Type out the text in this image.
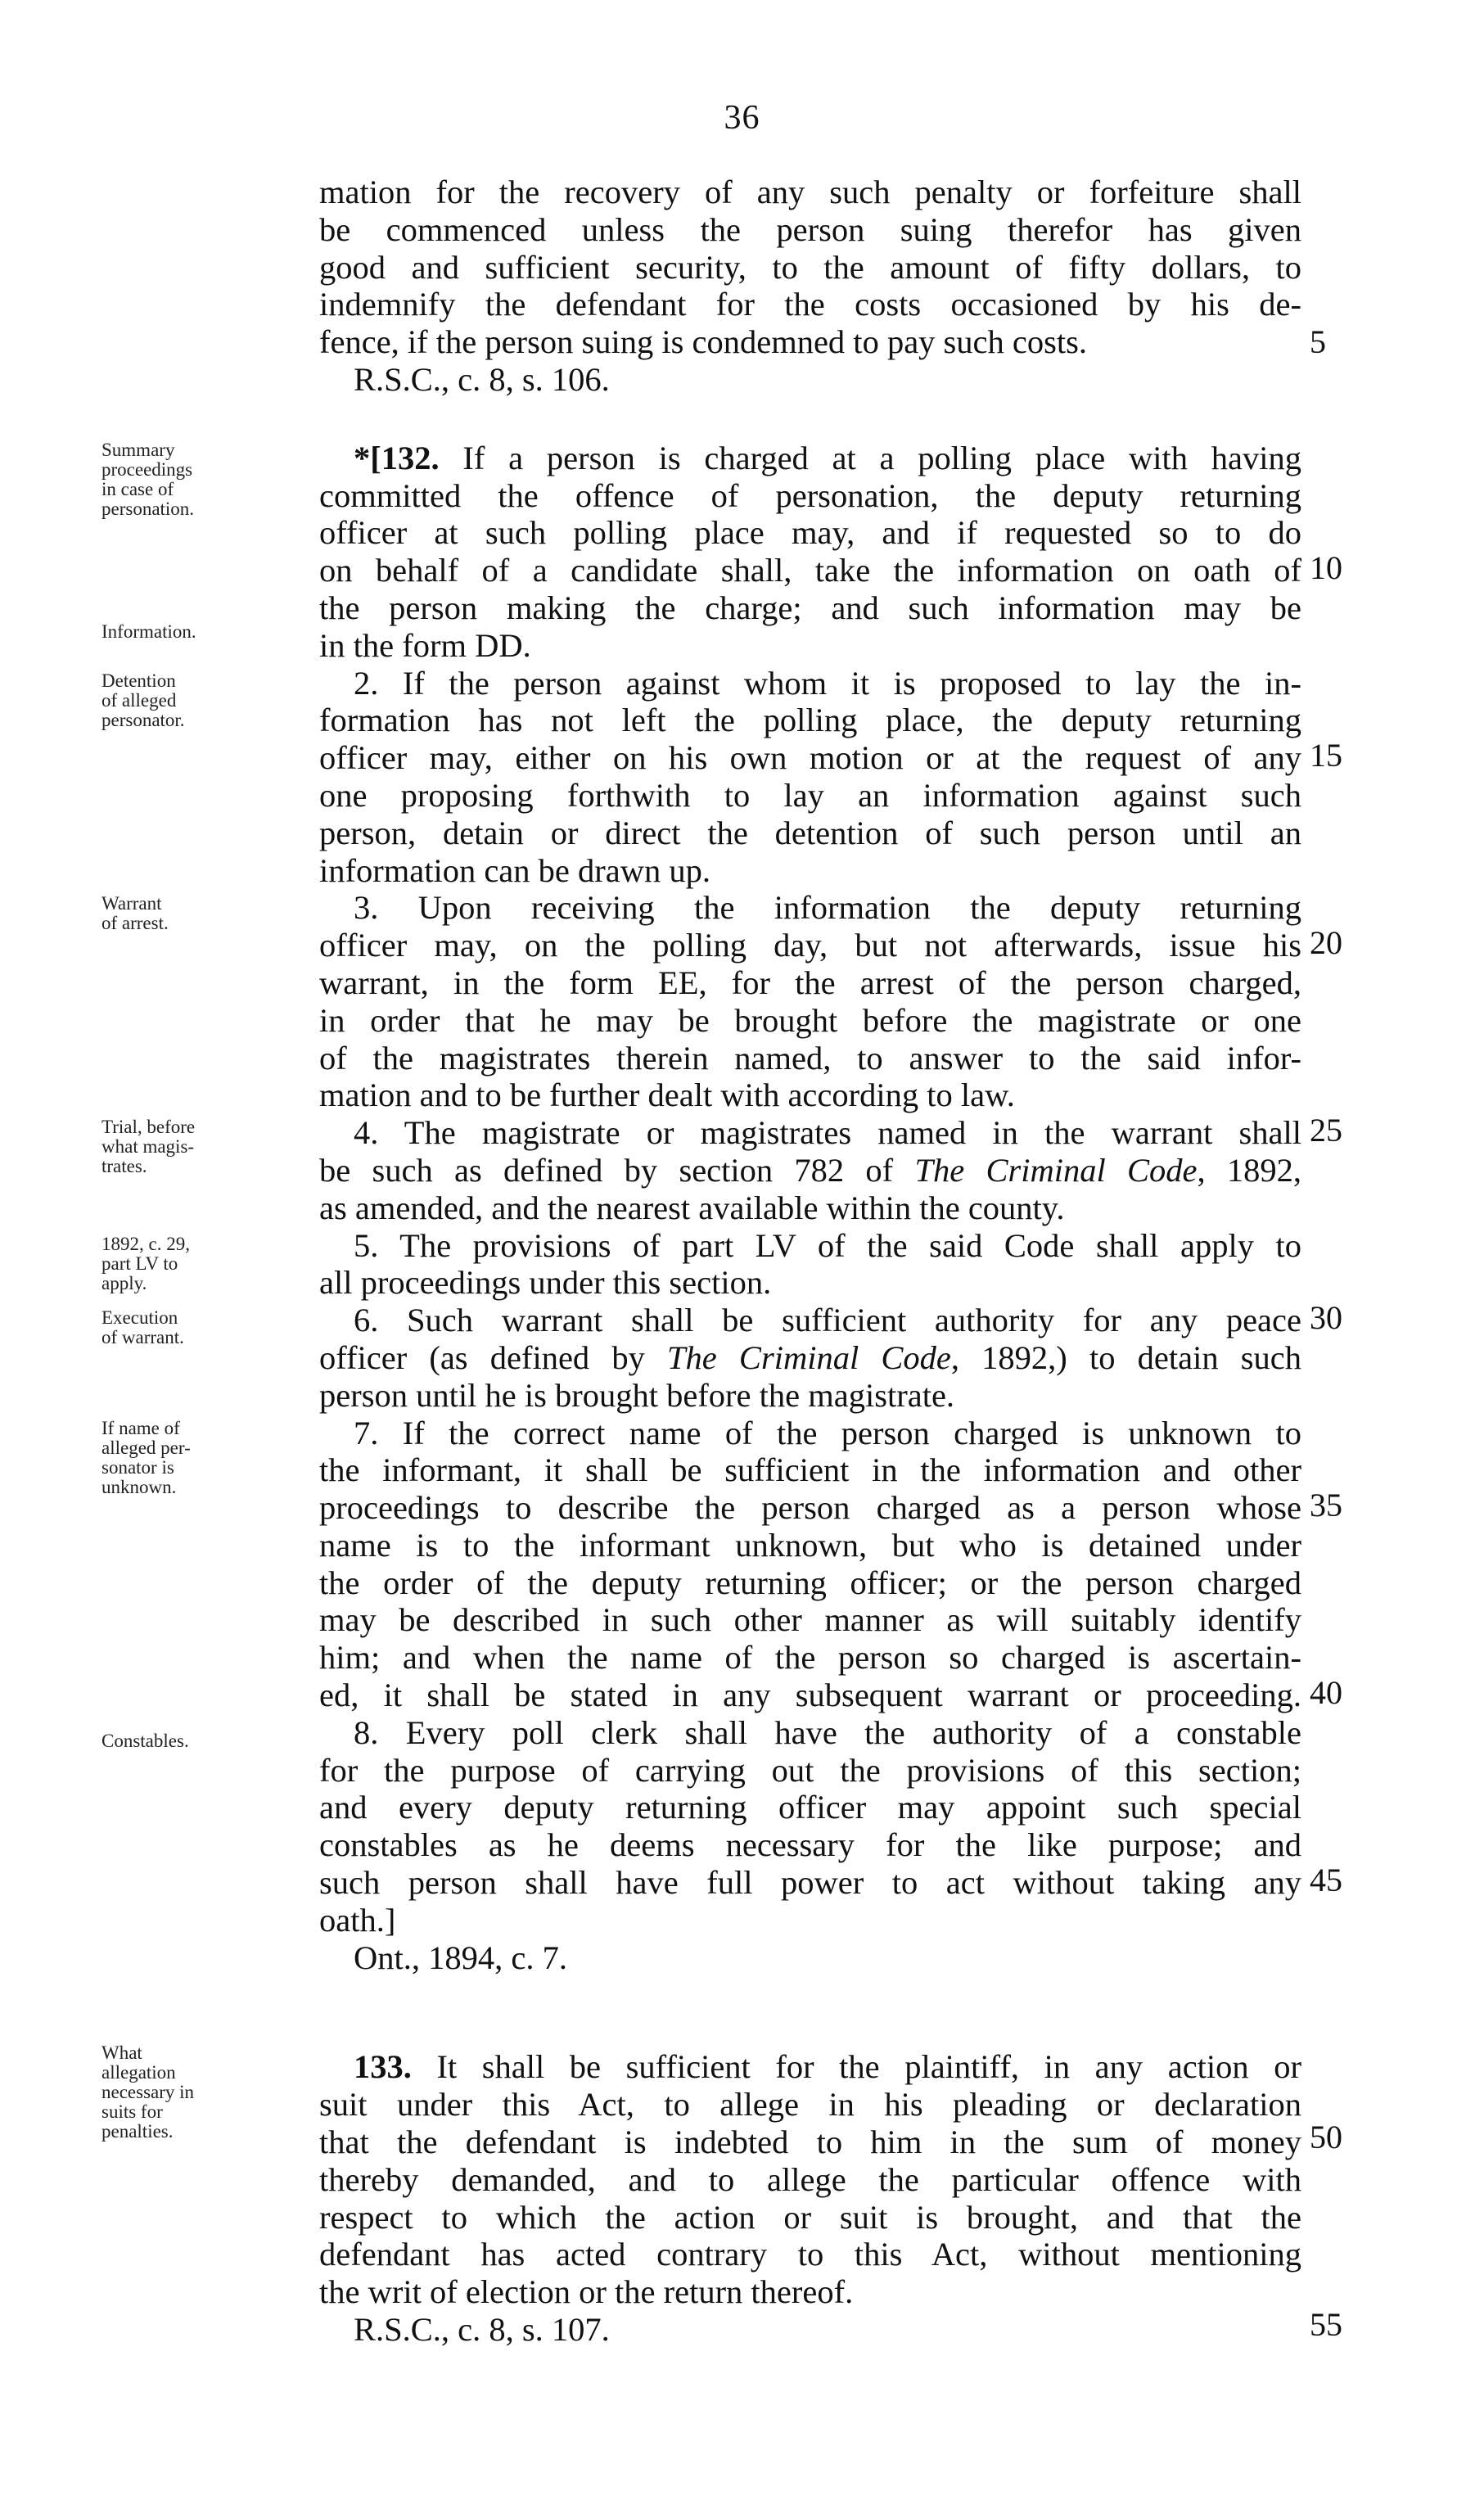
36
mation for the recovery of any such penalty or forfeiture shall
be commenced unless the person suing therefor has given
good and sufficient security, to the amount of fifty dollars, to
indemnify the defendant for the costs occasioned by his de-
fence, if the person suing is condemned to pay such costs.
R.S.C., c. 8, s. 106.
*[132. If a person is charged at a polling place with having
committed the offence of personation, the deputy returning
officer at such polling place may, and if requested so to do
on behalf of a candidate shall, take the information on oath of
the person making the charge; and such information may be
in the form DD.
2. If the person against whom it is proposed to lay the in-
formation has not left the polling place, the deputy returning
officer may, either on his own motion or at the request of any
one proposing forthwith to lay an information against such
person, detain or direct the detention of such person until an
information can be drawn up.
3. Upon receiving the information the deputy returning
officer may, on the polling day, but not afterwards, issue his
warrant, in the form EE, for the arrest of the person charged,
in order that he may be brought before the magistrate or one
of the magistrates therein named, to answer to the said infor-
mation and to be further dealt with according to law.
4. The magistrate or magistrates named in the warrant shall
be such as defined by section 782 of The Criminal Code, 1892,
as amended, and the nearest available within the county.
5. The provisions of part LV of the said Code shall apply to
all proceedings under this section.
6. Such warrant shall be sufficient authority for any peace
officer (as defined by The Criminal Code, 1892,) to detain such
person until he is brought before the magistrate.
7. If the correct name of the person charged is unknown to
the informant, it shall be sufficient in the information and other
proceedings to describe the person charged as a person whose
name is to the informant unknown, but who is detained under
the order of the deputy returning officer; or the person charged
may be described in such other manner as will suitably identify
him; and when the name of the person so charged is ascertain-
ed, it shall be stated in any subsequent warrant or proceeding.
8. Every poll clerk shall have the authority of a constable
for the purpose of carrying out the provisions of this section;
and every deputy returning officer may appoint such special
constables as he deems necessary for the like purpose; and
such person shall have full power to act without taking any
oath.]
Ont., 1894, c. 7.
133. It shall be sufficient for the plaintiff, in any action or
suit under this Act, to allege in his pleading or declaration
that the defendant is indebted to him in the sum of money
thereby demanded, and to allege the particular offence with
respect to which the action or suit is brought, and that the
defendant has acted contrary to this Act, without mentioning
the writ of election or the return thereof.
R.S.C., c. 8, s. 107.
Summary
proceedings
in case of
personation.
Information.
Detention
of alleged
personator.
Warrant
of arrest.
Trial, before
what magis-
trates.
1892, c. 29,
part LV to
apply.
Execution
of warrant.
If name of
alleged per-
sonator is
unknown.
Constables.
What
allegation
necessary in
suits for
penalties.
5
10
15
20
25
30
35
40
45
50
55
